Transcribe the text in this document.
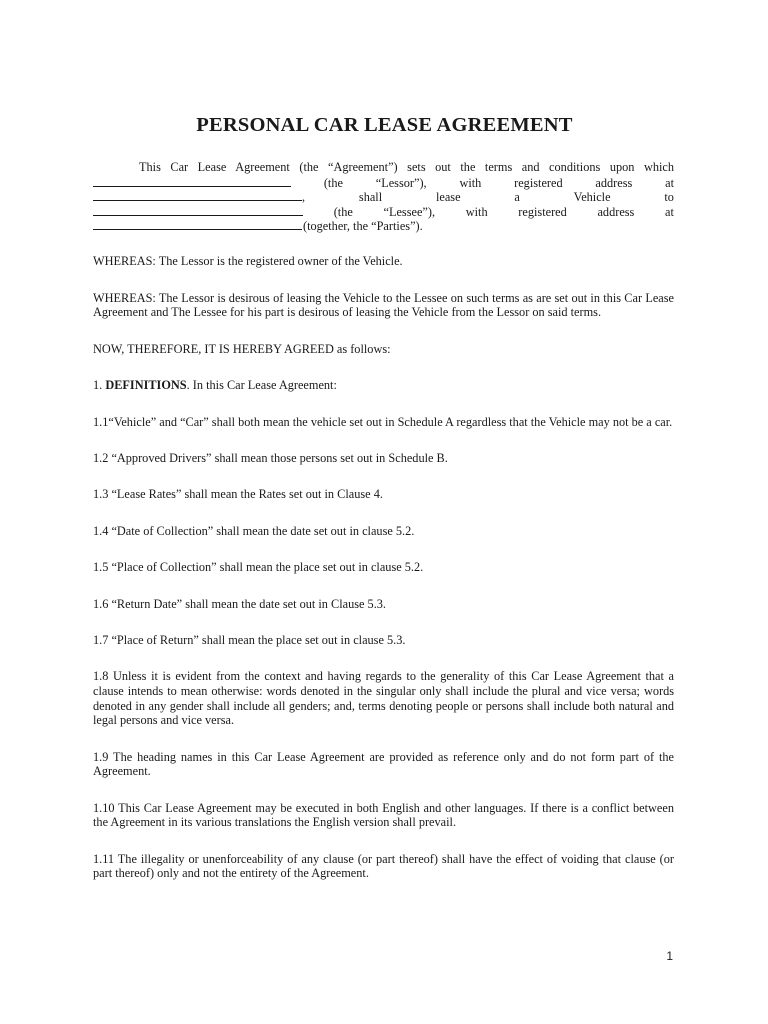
PERSONAL CAR LEASE AGREEMENT
This Car Lease Agreement (the “Agreement”) sets out the terms and conditions upon which
(the	“Lessor”),	with	registered	address	at
,	shall	lease	a	Vehicle	to
(the “Lessee”), with registered address at
(together, the “Parties”).

WHEREAS: The Lessor is the registered owner of the Vehicle.

WHEREAS: The Lessor is desirous of leasing the Vehicle to the Lessee on such terms as are set out in this Car Lease Agreement and The Lessee for his part is desirous of leasing the Vehicle from the Lessor on said terms.

NOW, THEREFORE, IT IS HEREBY AGREED as follows:

1. DEFINITIONS. In this Car Lease Agreement:

1.1“Vehicle” and “Car” shall both mean the vehicle set out in Schedule A regardless that the Vehicle may not be a car.

1.2 “Approved Drivers” shall mean those persons set out in Schedule B.

1.3 “Lease Rates” shall mean the Rates set out in Clause 4.

1.4 “Date of Collection” shall mean the date set out in clause 5.2.

1.5 “Place of Collection” shall mean the place set out in clause 5.2.

1.6 “Return Date” shall mean the date set out in Clause 5.3.

1.7 “Place of Return” shall mean the place set out in clause 5.3.

1.8 Unless it is evident from the context and having regards to the generality of this Car Lease Agreement that a clause intends to mean otherwise: words denoted in the singular only shall include the plural and vice versa; words denoted in any gender shall include all genders; and, terms denoting people or persons shall include both natural and legal persons and vice versa.

1.9 The heading names in this Car Lease Agreement are provided as reference only and do not form part of the Agreement.

1.10 This Car Lease Agreement may be executed in both English and other languages. If there is a conflict between the Agreement in its various translations the English version shall prevail.

1.11 The illegality or unenforceability of any clause (or part thereof) shall have the effect of voiding that clause (or part thereof) only and not the entirety of the Agreement.

1
